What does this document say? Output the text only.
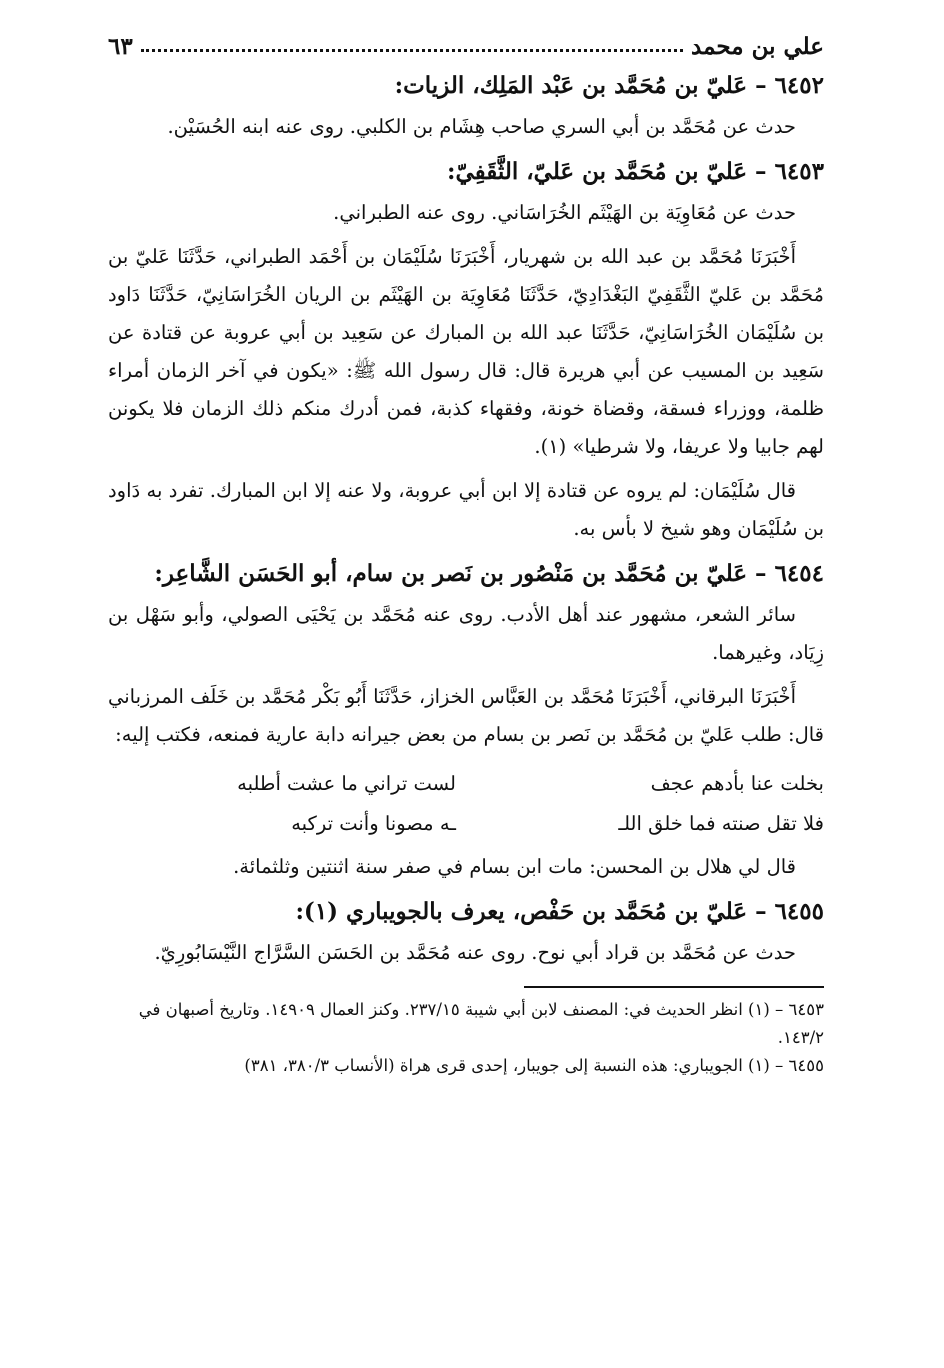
علي بن محمد
٦٣
٦٤٥٢ – عَليّ بن مُحَمَّد بن عَبْد المَلِك، الزيات:

حدث عن مُحَمَّد بن أبي السري صاحب هِشَام بن الكلبي. روى عنه ابنه الحُسَيْن.

٦٤٥٣ – عَليّ بن مُحَمَّد بن عَليّ، الثَّقَفِيّ:

حدث عن مُعَاوِيَة بن الهَيْثَم الخُرَاسَاني. روى عنه الطبراني.

أَخْبَرَنَا مُحَمَّد بن عبد الله بن شهريار، أَخْبَرَنَا سُلَيْمَان بن أَحْمَد الطبراني، حَدَّثَنَا عَليّ بن مُحَمَّد بن عَليّ الثَّقَفِيّ البَغْدَادِيّ، حَدَّثَنَا مُعَاوِيَة بن الهَيْثَم بن الريان الخُرَاسَانِيّ، حَدَّثَنَا دَاود بن سُلَيْمَان الخُرَاسَانِيّ، حَدَّثَنَا عبد الله بن المبارك عن سَعِيد بن أبي عروبة عن قتادة عن سَعِيد بن المسيب عن أبي هريرة قال: قال رسول الله ﷺ: «يكون في آخر الزمان أمراء ظلمة، ووزراء فسقة، وقضاة خونة، وفقهاء كذبة، فمن أدرك منكم ذلك الزمان فلا يكونن لهم جابيا ولا عريفا، ولا شرطيا» (١).

قال سُلَيْمَان: لم يروه عن قتادة إلا ابن أبي عروبة، ولا عنه إلا ابن المبارك. تفرد به دَاود بن سُلَيْمَان وهو شيخ لا بأس به.

٦٤٥٤ – عَليّ بن مُحَمَّد بن مَنْصُور بن نَصر بن سام، أبو الحَسَن الشَّاعِر:

سائر الشعر، مشهور عند أهل الأدب. روى عنه مُحَمَّد بن يَحْيَى الصولي، وأبو سَهْل بن زِيَاد، وغيرهما.

أَخْبَرَنَا البرقاني، أَخْبَرَنَا مُحَمَّد بن العَبَّاس الخزاز، حَدَّثَنَا أَبُو بَكْر مُحَمَّد بن خَلَف المرزباني قال: طلب عَليّ بن مُحَمَّد بن نَصر بن بسام من بعض جيرانه دابة عارية فمنعه، فكتب إليه:

بخلت عنا بأدهم عجف
لست تراني ما عشت أطلبه
فلا تقل صنته فما خلق اللـ
ـه مصونا وأنت تركبه

قال لي هلال بن المحسن: مات ابن بسام في صفر سنة اثنتين وثلثمائة.

٦٤٥٥ – عَليّ بن مُحَمَّد بن حَفْص، يعرف بالجويباري (١):

حدث عن مُحَمَّد بن قراد أبي نوح. روى عنه مُحَمَّد بن الحَسَن السَّرَّاج النَّيْسَابُورِيّ.

٦٤٥٣ – (١) انظر الحديث في: المصنف لابن أبي شيبة ٢٣٧/١٥. وكنز العمال ١٤٩٠٩. وتاريخ أصبهان في ١٤٣/٢.
٦٤٥٥ – (١) الجويباري: هذه النسبة إلى جويبار، إحدى قرى هراة (الأنساب ٣٨٠/٣، ٣٨١)
